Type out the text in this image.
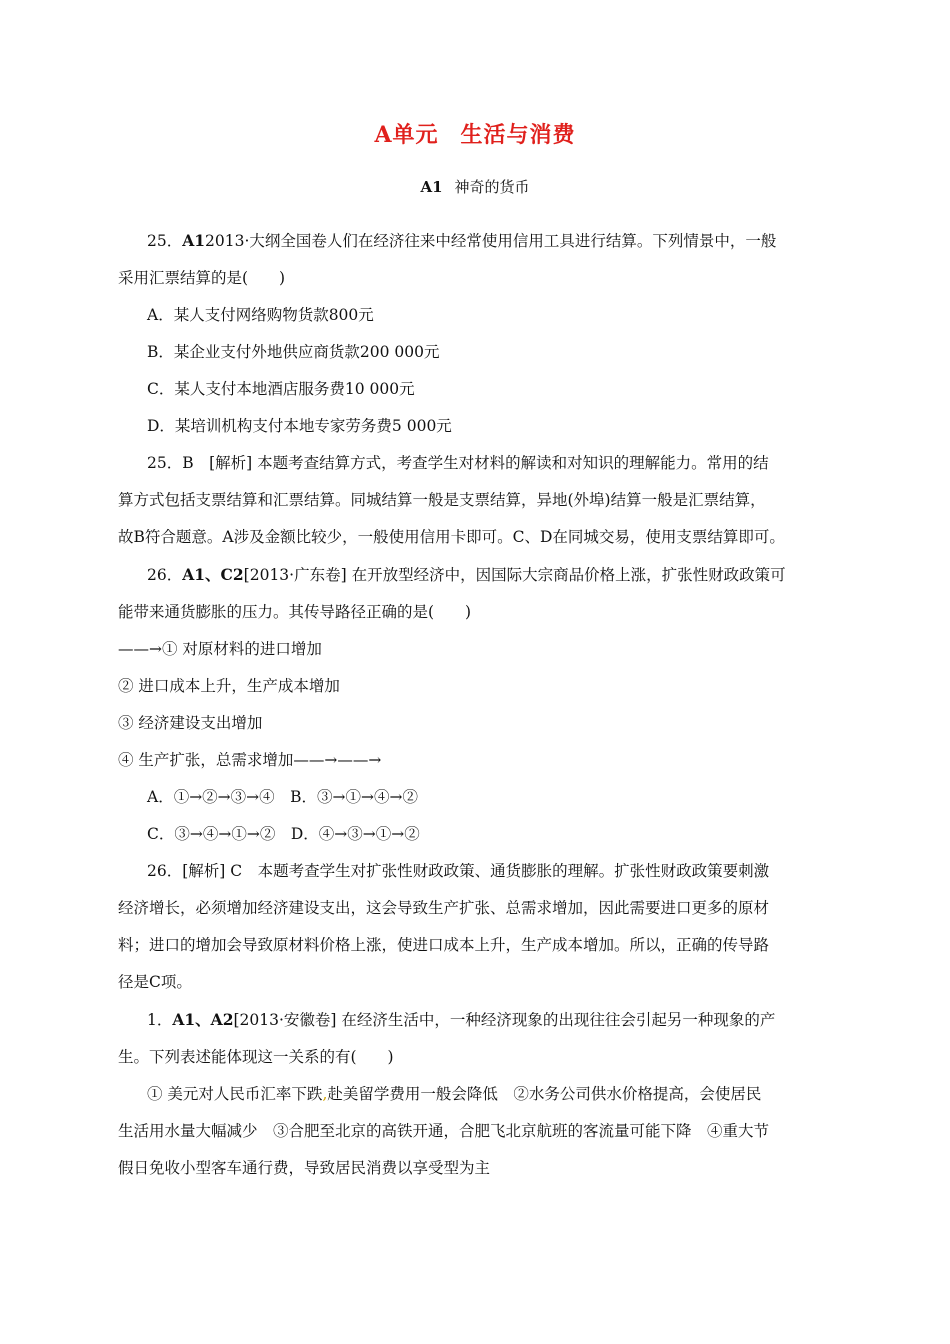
A单元 生活与消费
A1 神奇的货币
25．A12013·大纲全国卷人们在经济往来中经常使用信用工具进行结算。下列情景中，一般
采用汇票结算的是(　　)
A．某人支付网络购物货款800元
B．某企业支付外地供应商货款200 000元
C．某人支付本地酒店服务费10 000元
D．某培训机构支付本地专家劳务费5 000元
25．B　[解析] 本题考查结算方式，考查学生对材料的解读和对知识的理解能力。常用的结
算方式包括支票结算和汇票结算。同城结算一般是支票结算，异地(外埠)结算一般是汇票结算，
故B符合题意。A涉及金额比较少，一般使用信用卡即可。C、D在同城交易，使用支票结算即可。
26．A1、C2[2013·广东卷] 在开放型经济中，因国际大宗商品价格上涨，扩张性财政政策可
能带来通货膨胀的压力。其传导路径正确的是(　　)
——→① 对原材料的进口增加
② 进口成本上升，生产成本增加
③ 经济建设支出增加
④ 生产扩张，总需求增加——→——→
A．①→②→③→④　B．③→①→④→②
C．③→④→①→②　D．④→③→①→②
26．[解析] C　本题考查学生对扩张性财政政策、通货膨胀的理解。扩张性财政政策要刺激
经济增长，必须增加经济建设支出，这会导致生产扩张、总需求增加，因此需要进口更多的原材
料；进口的增加会导致原材料价格上涨，使进口成本上升，生产成本增加。所以，正确的传导路
径是C项。
1．A1、A2[2013·安徽卷] 在经济生活中，一种经济现象的出现往往会引起另一种现象的产
生。下列表述能体现这一关系的有(　　)
① 美元对人民币汇率下跌,赴美留学费用一般会降低　②水务公司供水价格提高，会使居民
生活用水量大幅减少　③合肥至北京的高铁开通，合肥飞北京航班的客流量可能下降　④重大节
假日免收小型客车通行费，导致居民消费以享受型为主
